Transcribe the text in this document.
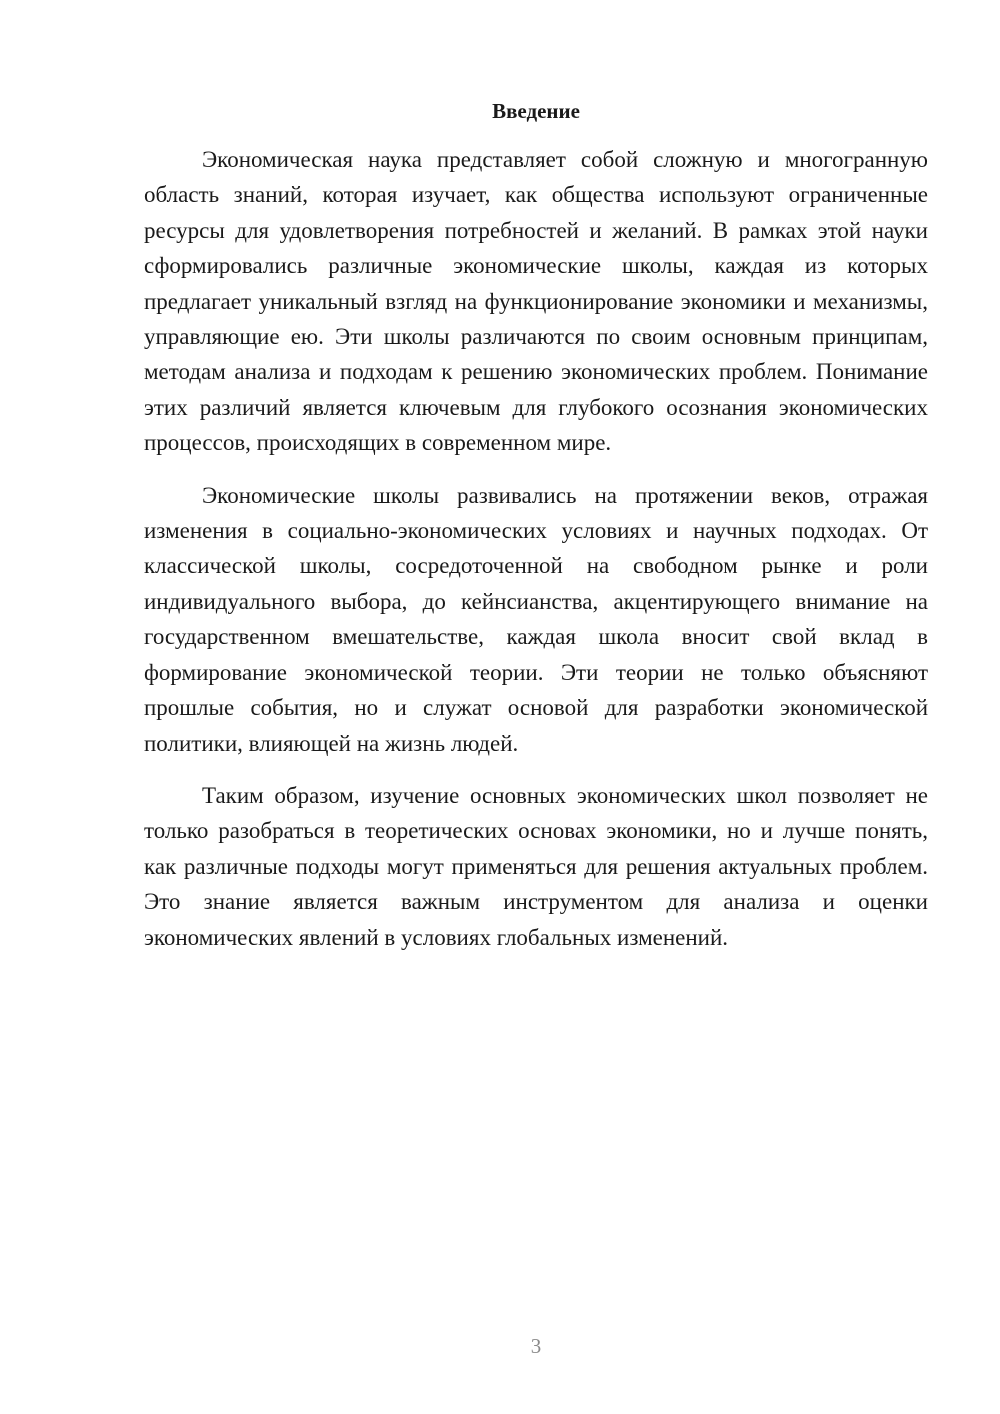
Введение

Экономическая наука представляет собой сложную и многогранную область знаний, которая изучает, как общества используют ограниченные ресурсы для удовлетворения потребностей и желаний. В рамках этой науки сформировались различные экономические школы, каждая из которых предлагает уникальный взгляд на функционирование экономики и механизмы, управляющие ею. Эти школы различаются по своим основным принципам, методам анализа и подходам к решению экономических проблем. Понимание этих различий является ключевым для глубокого осознания экономических процессов, происходящих в современном мире.

Экономические школы развивались на протяжении веков, отражая изменения в социально-экономических условиях и научных подходах. От классической школы, сосредоточенной на свободном рынке и роли индивидуального выбора, до кейнсианства, акцентирующего внимание на государственном вмешательстве, каждая школа вносит свой вклад в формирование экономической теории. Эти теории не только объясняют прошлые события, но и служат основой для разработки экономической политики, влияющей на жизнь людей.

Таким образом, изучение основных экономических школ позволяет не только разобраться в теоретических основах экономики, но и лучше понять, как различные подходы могут применяться для решения актуальных проблем. Это знание является важным инструментом для анализа и оценки экономических явлений в условиях глобальных изменений.

3
